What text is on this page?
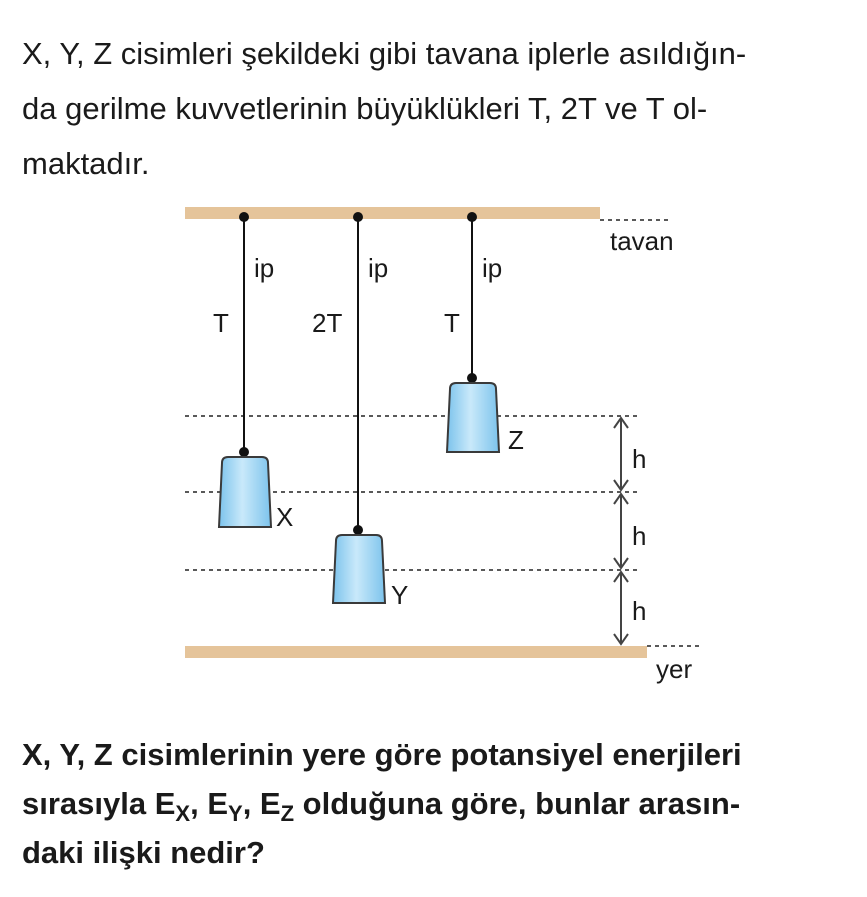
X, Y, Z cisimleri şekildeki gibi tavana iplerle asıldığın-
da gerilme kuvvetlerinin büyüklükleri T, 2T ve T ol-
maktadır.

tavan
yer
h
h
h
ip
T
ip
2T
ip
T
X
Y
Z

X, Y, Z cisimlerinin yere göre potansiyel enerjileri
sırasıyla $E_X$, $E_Y$, $E_Z$ olduğuna göre, bunlar arasın-
daki ilişki nedir?
